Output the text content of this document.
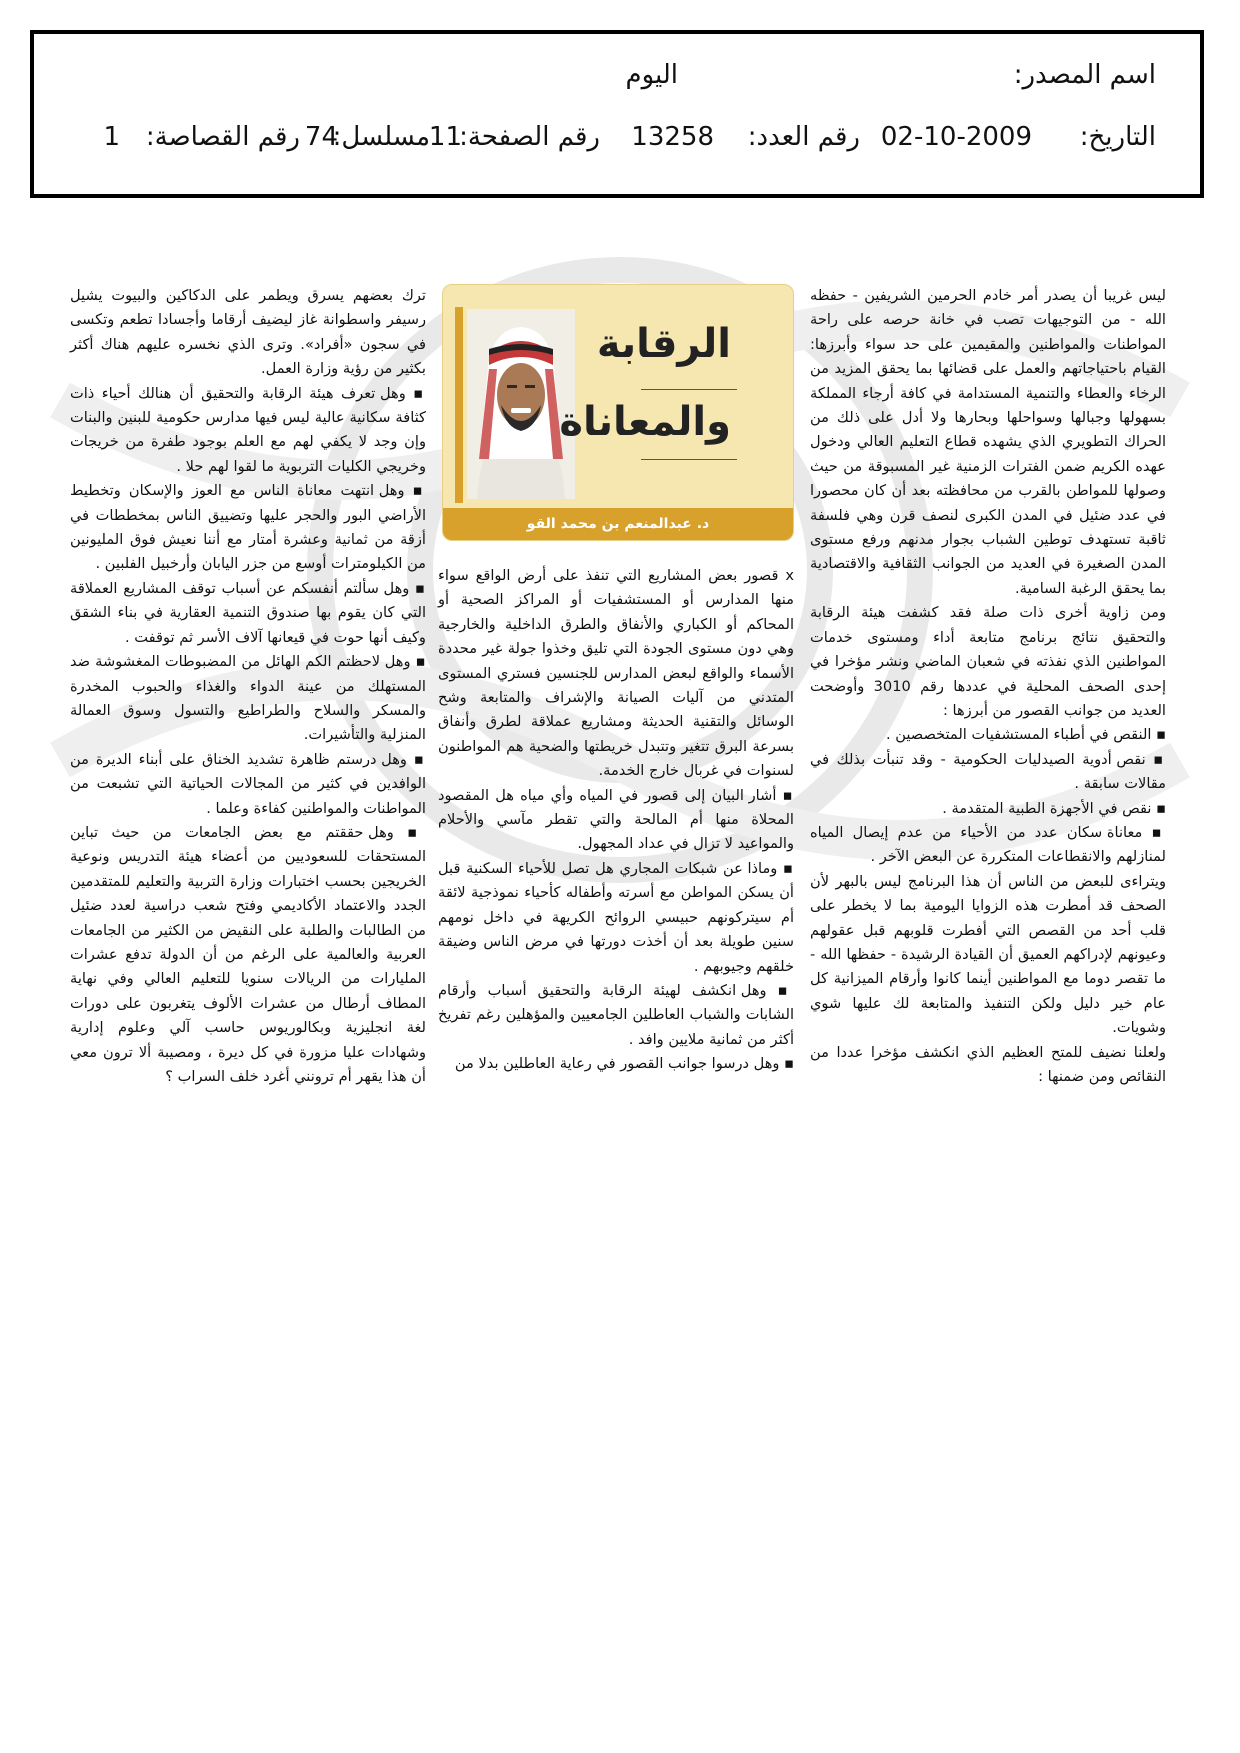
اسم المصدر:
اليوم
التاريخ:
02-10-2009
رقم العدد:
13258
رقم الصفحة:
11
مسلسل:
74
رقم القصاصة:
1
الرقابة
والمعاناة
د. عبدالمنعم بن محمد القو

ليس غريبا أن يصدر أمر خادم الحرمين الشريفين - حفظه الله - من التوجيهات تصب في خانة حرصه على راحة المواطنات والمواطنين والمقيمين على حد سواء وأبرزها: القيام باحتياجاتهم والعمل على قضائها بما يحقق المزيد من الرخاء والعطاء والتنمية المستدامة في كافة أرجاء المملكة بسهولها وجبالها وسواحلها وبحارها ولا أدل على ذلك من الحراك التطويري الذي يشهده قطاع التعليم العالي ودخول عهده الكريم ضمن الفترات الزمنية غير المسبوقة من حيث وصولها للمواطن بالقرب من محافظته بعد أن كان محصورا في عدد ضئيل في المدن الكبرى لنصف قرن وهي فلسفة ثاقبة تستهدف توطين الشباب بجوار مدنهم ورفع مستوى المدن الصغيرة في العديد من الجوانب الثقافية والاقتصادية بما يحقق الرغبة السامية.

ومن زاوية أخرى ذات صلة فقد كشفت هيئة الرقابة والتحقيق نتائج برنامج متابعة أداء ومستوى خدمات المواطنين الذي نفذته في شعبان الماضي ونشر مؤخرا في إحدى الصحف المحلية في عددها رقم 3010 وأوضحت العديد من جوانب القصور من أبرزها :

▪ النقص في أطباء المستشفيات المتخصصين .

▪ نقص أدوية الصيدليات الحكومية - وقد تنبأت بذلك في مقالات سابقة .

▪ نقص في الأجهزة الطبية المتقدمة .

▪ معاناة سكان عدد من الأحياء من عدم إيصال المياه لمنازلهم والانقطاعات المتكررة عن البعض الآخر .

ويتراءى للبعض من الناس أن هذا البرنامج ليس بالبهر لأن الصحف قد أمطرت هذه الزوايا اليومية بما لا يخطر على قلب أحد من القصص التي أفطرت قلوبهم قبل عقولهم وعيونهم لإدراكهم العميق أن القيادة الرشيدة - حفظها الله - ما تقصر دوما مع المواطنين أينما كانوا وأرقام الميزانية كل عام خير دليل ولكن التنفيذ والمتابعة لك عليها شوي وشويات.

ولعلنا نضيف للمتح العظيم الذي انكشف مؤخرا عددا من النقائص ومن ضمنها :

x قصور بعض المشاريع التي تنفذ على أرض الواقع سواء منها المدارس أو المستشفيات أو المراكز الصحية أو المحاكم أو الكباري والأنفاق والطرق الداخلية والخارجية وهي دون مستوى الجودة التي تليق وخذوا جولة غير محددة الأسماء والواقع لبعض المدارس للجنسين فستري المستوى المتدني من آليات الصيانة والإشراف والمتابعة وشح الوسائل والتقنية الحديثة ومشاريع عملاقة لطرق وأنفاق بسرعة البرق تتغير وتتبدل خريطتها والضحية هم المواطنون لسنوات في غربال خارج الخدمة.

▪ أشار البيان إلى قصور في المياه وأي مياه هل المقصود المحلاة منها أم المالحة والتي تقطر مآسي والأحلام والمواعيد لا تزال في عداد المجهول.

▪ وماذا عن شبكات المجاري هل تصل للأحياء السكنية قبل أن يسكن المواطن مع أسرته وأطفاله كأحياء نموذجية لائقة أم سيتركونهم حبيسي الروائح الكريهة في داخل نومهم سنين طويلة بعد أن أخذت دورتها في مرض الناس وضيقة خلقهم وجيوبهم .

▪ وهل انكشف لهيئة الرقابة والتحقيق أسباب وأرقام الشابات والشباب العاطلين الجامعيين والمؤهلين رغم تفريخ أكثر من ثمانية ملايين وافد .

▪ وهل درسوا جوانب القصور في رعاية العاطلين بدلا من

ترك بعضهم يسرق ويطمر على الدكاكين والبيوت يشيل رسيفر واسطوانة غاز ليضيف أرقاما وأجسادا تطعم وتكسى في سجون «أفراد». وترى الذي نخسره عليهم هناك أكثر بكثير من رؤية وزارة العمل.

▪ وهل تعرف هيئة الرقابة والتحقيق أن هنالك أحياء ذات كثافة سكانية عالية ليس فيها مدارس حكومية للبنين والبنات وإن وجد لا يكفي لهم مع العلم بوجود طفرة من خريجات وخريجي الكليات التربوية ما لقوا لهم حلا .

▪ وهل انتهت معاناة الناس مع العوز والإسكان وتخطيط الأراضي البور والحجر عليها وتضييق الناس بمخططات في أزقة من ثمانية وعشرة أمتار مع أننا نعيش فوق المليونين من الكيلومترات أوسع من جزر اليابان وأرخبيل الفلبين .

▪ وهل سألتم أنفسكم عن أسباب توقف المشاريع العملاقة التي كان يقوم بها صندوق التنمية العقارية في بناء الشقق وكيف أنها حوت في قيعانها آلاف الأسر ثم توقفت .

▪ وهل لاحظتم الكم الهائل من المضبوطات المغشوشة ضد المستهلك من عينة الدواء والغذاء والحبوب المخدرة والمسكر والسلاح والطراطيع والتسول وسوق العمالة المنزلية والتأشيرات.

▪ وهل درستم ظاهرة تشديد الخناق على أبناء الديرة من الوافدين في كثير من المجالات الحياتية التي تشبعت من المواطنات والمواطنين كفاءة وعلما .

▪ وهل حققتم مع بعض الجامعات من حيث تباين المستحقات للسعوديين من أعضاء هيئة التدريس ونوعية الخريجين بحسب اختبارات وزارة التربية والتعليم للمتقدمين الجدد والاعتماد الأكاديمي وفتح شعب دراسية لعدد ضئيل من الطالبات والطلبة على النقيض من الكثير من الجامعات العربية والعالمية على الرغم من أن الدولة تدفع عشرات المليارات من الريالات سنويا للتعليم العالي وفي نهاية المطاف أرطال من عشرات الألوف يتغربون على دورات لغة انجليزية وبكالوريوس حاسب آلي وعلوم إدارية وشهادات عليا مزورة في كل ديرة ، ومصيبة ألا ترون معي أن هذا يقهر أم ترونني أغرد خلف السراب ؟
